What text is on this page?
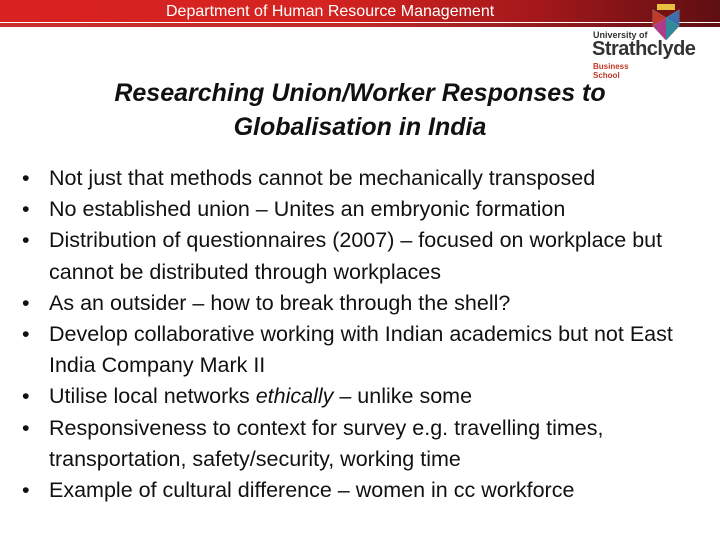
Department of Human Resource Management
University of
Strathclyde
Business
School
Researching Union/Worker Responses to Globalisation in India
• Not just that methods cannot be mechanically transposed
• No established union – Unites an embryonic formation
• Distribution of questionnaires (2007) – focused on workplace but cannot be distributed through workplaces
• As an outsider – how to break through the shell?
• Develop collaborative working with Indian academics but not East India Company Mark II
• Utilise local networks ethically – unlike some
• Responsiveness to context for survey e.g. travelling times, transportation, safety/security, working time
• Example of cultural difference – women in cc workforce
